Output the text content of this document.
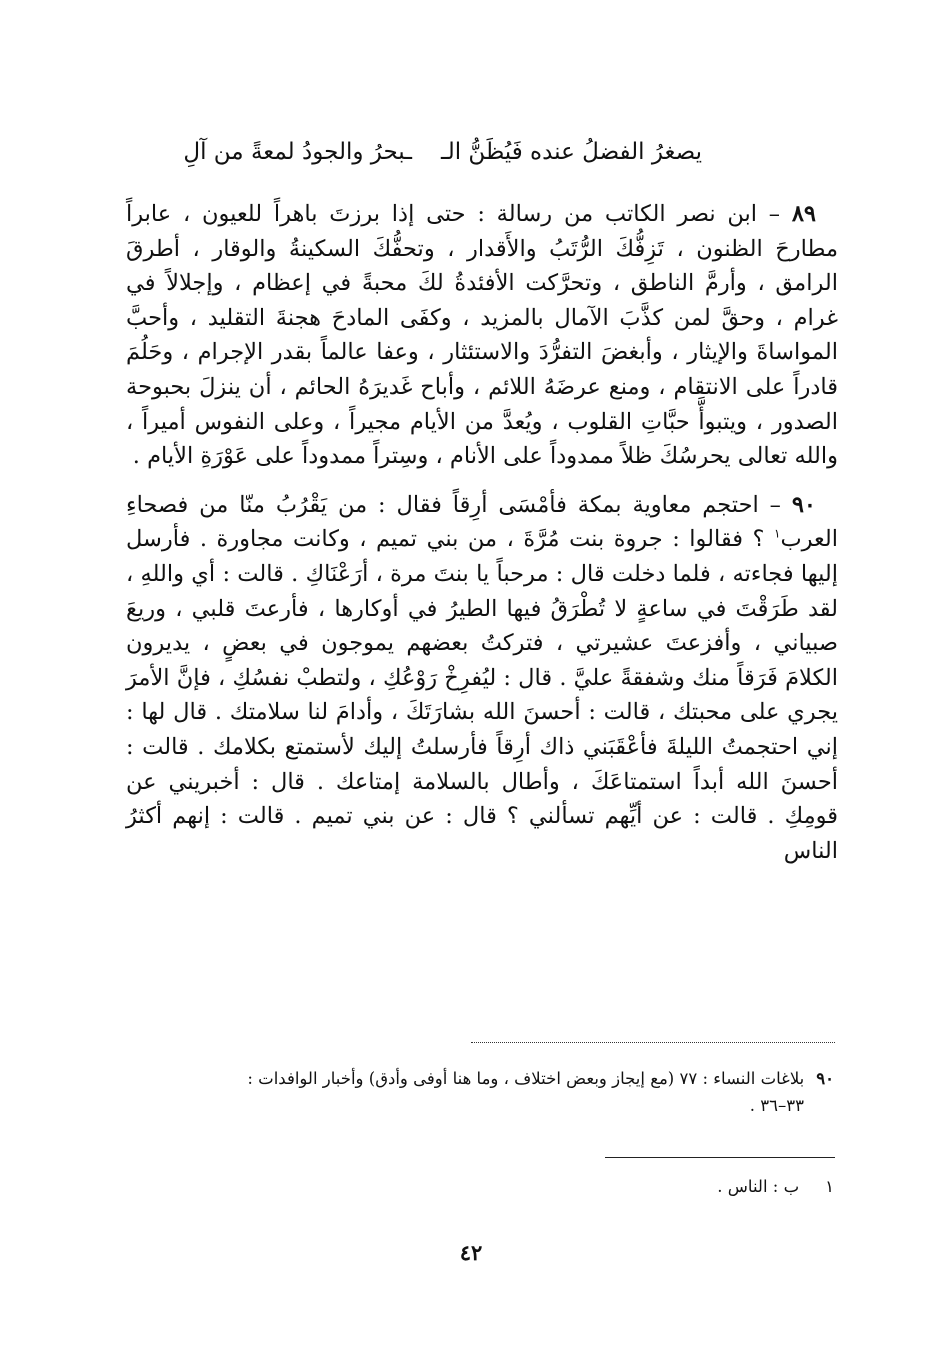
يصغرُ الفضلُ عنده فَيُظَنُّ الـ
ـبحرُ والجودُ لمعةً من آلِ

٨٩ – ابن نصر الكاتب من رسالة : حتى إذا برزتَ باهراً للعيون ، عابراً مطارحَ الظنون ، تَزِفُّكَ الرُّتَبُ والأَقدار ، وتحفُّكَ السكينةُ والوقار ، أطرقَ الرامق ، وأرمَّ الناطق ، وتحرَّكت الأفئدةُ لكَ محبةً في إعظام ، وإجلالاً في غرام ، وحقَّ لمن كذَّبَ الآمال بالمزيد ، وكفَى المادحَ هجنةَ التقليد ، وأحبَّ المواساةَ والإيثار ، وأبغضَ التفرُّدَ والاستئثار ، وعفا عالماً بقدر الإجرام ، وحَلُمَ قادراً على الانتقام ، ومنع عرضَهُ اللائم ، وأباح غَديرَهُ الحائم ، أن ينزلَ بحبوحة الصدور ، ويتبوأَّ حبَّاتِ القلوب ، ويُعدَّ من الأيام مجيراً ، وعلى النفوس أميراً ، والله تعالى يحرسُكَ ظلاً ممدوداً على الأنام ، وسِتراً ممدوداً على عَوْرَةِ الأيام .

٩٠ – احتجم معاوية بمكة فأمْسَى أرِقاً فقال : من يَقْرُبُ منّا من فصحاءِ العرب$^١$ ؟ فقالوا : جروة بنت مُرَّةَ ، من بني تميم ، وكانت مجاورة . فأرسل إليها فجاءته ، فلما دخلت قال : مرحباً يا بنتَ مرة ، أرَعْنَاكِ . قالت : أي واللهِ ، لقد طَرَقْتَ في ساعةٍ لا تُطْرَقُ فيها الطيرُ في أوكارها ، فأرعتَ قلبي ، وريعَ صبياني ، وأفزعتَ عشيرتي ، فتركتُ بعضهم يموجون في بعضٍ ، يديرون الكلامَ فَرَقاً منك وشفقةً عليَّ . قال : ليُفرِخْ رَوْعُكِ ، ولتطبْ نفسُكِ ، فإنَّ الأمرَ يجري على محبتك ، قالت : أحسنَ الله بشارَتَكَ ، وأدامَ لنا سلامتك . قال لها : إني احتجمتُ الليلةَ فأعْقَبَني ذاك أرِقاً فأرسلتُ إليك لأستمتع بكلامك . قالت : أحسنَ الله أبداً استمتاعَكَ ، وأطال بالسلامة إمتاعك . قال : أخبريني عن قومِكِ . قالت : عن أيِّهم تسألني ؟ قال : عن بني تميم . قالت : إنهم أكثرُ الناس

٩٠بلاغات النساء : ٧٧ (مع إيجاز وبعض اختلاف ، وما هنا أوفى وأدق) وأخبار الوافدات :
٣٣–٣٦ .
١ب : الناس .
٤٢
